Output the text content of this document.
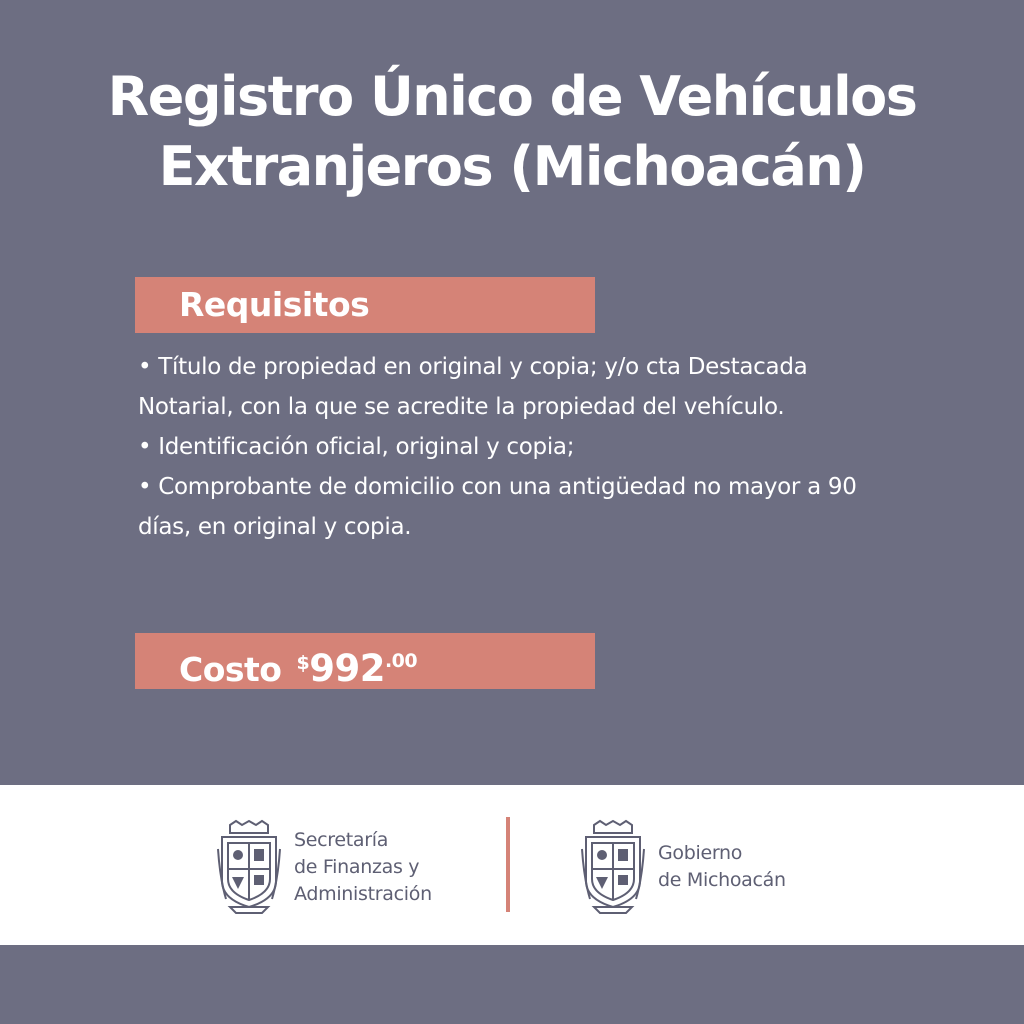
Registro Único de Vehículos
Extranjeros (Michoacán)
Requisitos
• Título de propiedad en original y copia; y/o cta Destacada Notarial, con la que se acredite la propiedad del vehículo.
• Identificación oficial, original y copia;
• Comprobante de domicilio con una antigüedad no mayor a 90 días, en original y copia.
Costo $^{\$}992^{.00}$
Secretaría
de Finanzas y
Administración
Gobierno
de Michoacán
